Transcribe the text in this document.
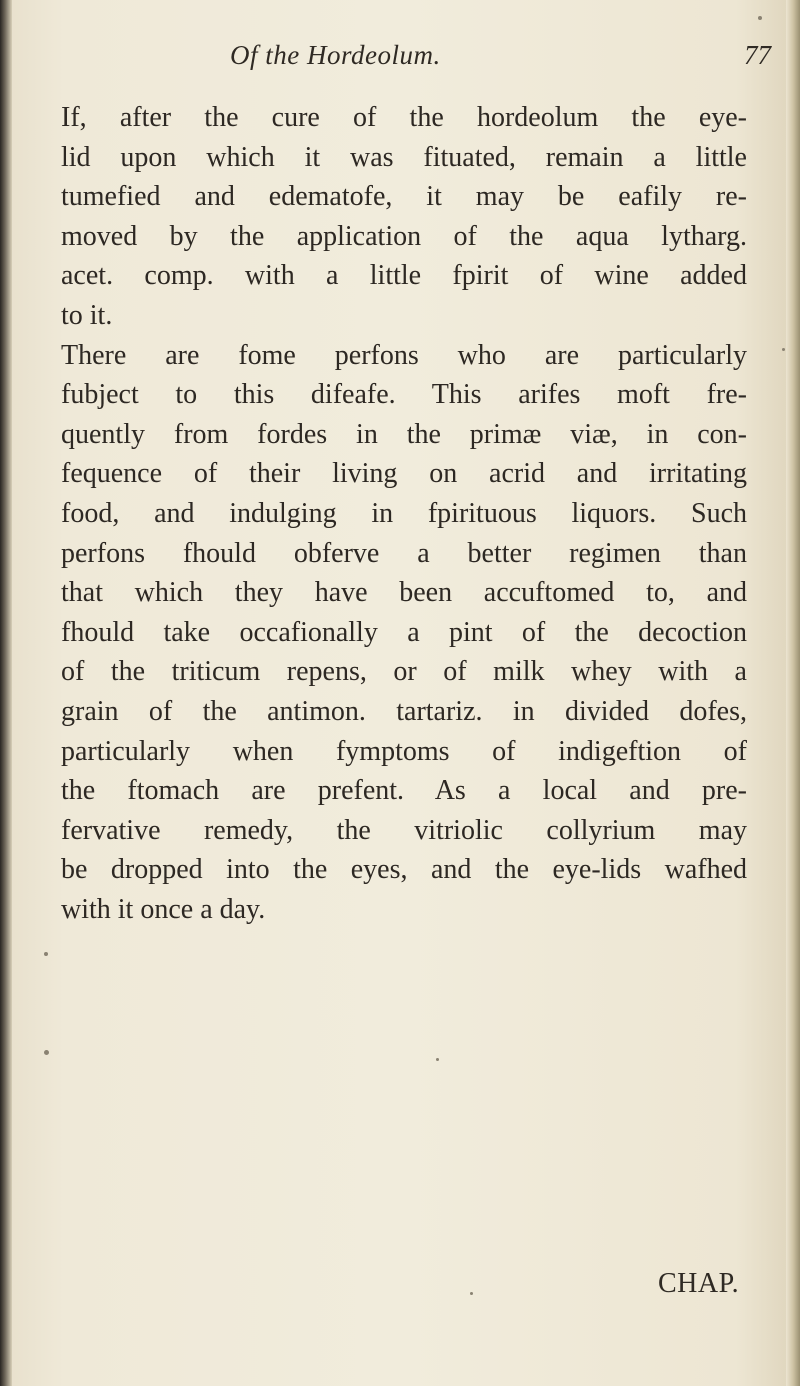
Of the Hordeolum.	77
If, after the cure of the hordeolum the eye-
lid upon which it was fituated, remain a little
tumefied and edematofe, it may be eafily re-
moved by the application of the aqua lytharg.
acet. comp. with a little fpirit of wine added
to it.
There are fome perfons who are particularly
fubject to this difeafe. This arifes moft fre-
quently from fordes in the primæ viæ, in con-
fequence of their living on acrid and irritating
food, and indulging in fpirituous liquors. Such
perfons fhould obferve a better regimen than
that which they have been accuftomed to, and
fhould take occafionally a pint of the decoction
of the triticum repens, or of milk whey with a
grain of the antimon. tartariz. in divided dofes,
particularly when fymptoms of indigeftion of
the ftomach are prefent. As a local and pre-
fervative remedy, the vitriolic collyrium may
be dropped into the eyes, and the eye-lids wafhed
with it once a day.
CHAP.
